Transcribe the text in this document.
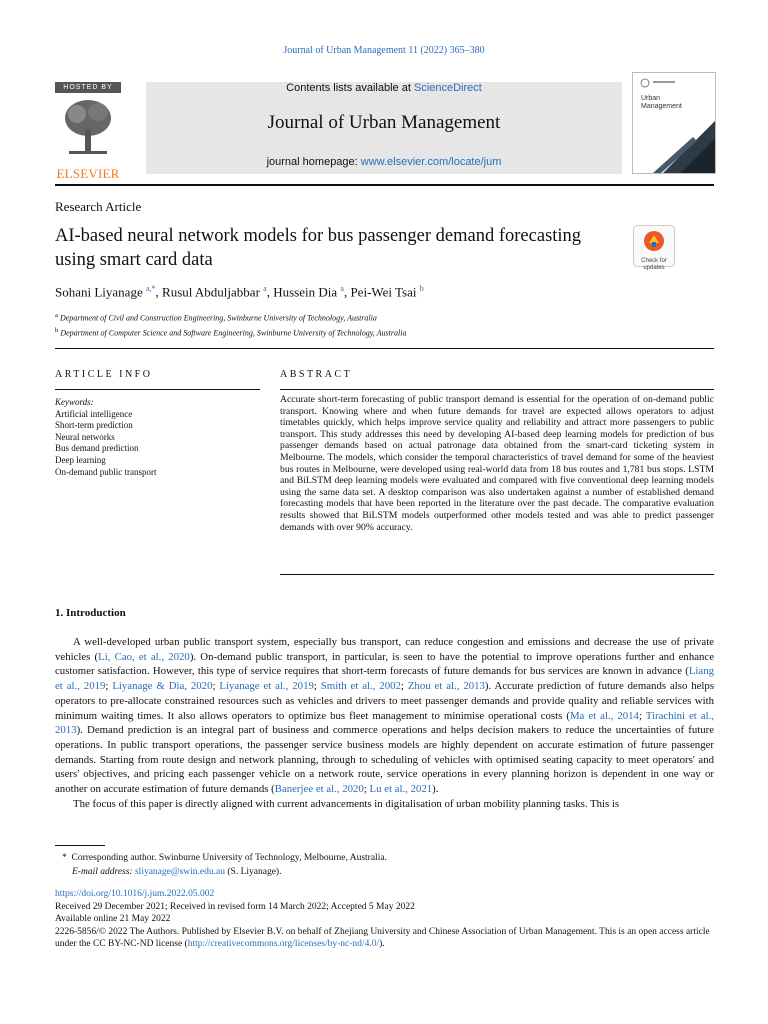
Journal of Urban Management 11 (2022) 365–380
HOSTED BY
ELSEVIER
Contents lists available at ScienceDirect
Journal of Urban Management
journal homepage: www.elsevier.com/locate/jum
Urban
Management
Research Article
AI-based neural network models for bus passenger demand forecasting using smart card data	Check for updates
Sohani Liyanage $^{a,*}$, Rusul Abduljabbar $^a$, Hussein Dia $^a$, Pei-Wei Tsai $^b$
$^a$ Department of Civil and Construction Engineering, Swinburne University of Technology, Australia
$^b$ Department of Computer Science and Software Engineering, Swinburne University of Technology, Australia
ARTICLE INFO	ABSTRACT
Keywords:
Artificial intelligence
Short-term prediction
Neural networks
Bus demand prediction
Deep learning
On-demand public transport
Accurate short-term forecasting of public transport demand is essential for the operation of on-demand public transport. Knowing where and when future demands for travel are expected allows operators to adjust timetables quickly, which helps improve service quality and reliability and attract more passengers to public transport. This study addresses this need by developing AI-based deep learning models for prediction of bus passenger demands based on actual patronage data obtained from the smart-card ticketing system in Melbourne. The models, which consider the temporal characteristics of travel demand for some of the heaviest bus routes in Melbourne, were developed using real-world data from 18 bus routes and 1,781 bus stops. LSTM and BiLSTM deep learning models were evaluated and compared with five conventional deep learning models using the same data set. A desktop comparison was also undertaken against a number of established demand forecasting models that have been reported in the literature over the past decade. The comparative evaluation results showed that BiLSTM models outperformed other models tested and was able to predict passenger demands with over 90% accuracy.
1. Introduction

A well-developed urban public transport system, especially bus transport, can reduce congestion and emissions and decrease the use of private vehicles (Li, Cao, et al., 2020). On-demand public transport, in particular, is seen to have the potential to improve operations further and enhance customer satisfaction. However, this type of service requires that short-term forecasts of future demands for bus services are known in advance (Liang et al., 2019; Liyanage & Dia, 2020; Liyanage et al., 2019; Smith et al., 2002; Zhou et al., 2013). Accurate prediction of future demands also helps operators to pre-allocate constrained resources such as vehicles and drivers to meet passenger demands and provide quality and reliable services with minimum waiting times. It also allows operators to optimize bus fleet management to minimise operational costs (Ma et al., 2014; Tirachini et al., 2013). Demand prediction is an integral part of business and commerce operations and helps decision makers to reduce the uncertainties of future operations. In public transport operations, the passenger service business models are highly dependent on accurate estimation of future passenger demands. Starting from route design and network planning, through to scheduling of vehicles with optimised seating capacity to meet operators' and users' objectives, and pricing each passenger vehicle on a network route, service operations in every planning horizon is dependent in one way or another on accurate estimation of future demands (Banerjee et al., 2020; Lu et al., 2021).

The focus of this paper is directly aligned with current advancements in digitalisation of urban mobility planning tasks. This is

*  Corresponding author. Swinburne University of Technology, Melbourne, Australia.
E-mail address: sliyanage@swin.edu.au (S. Liyanage).
https://doi.org/10.1016/j.jum.2022.05.002
Received 29 December 2021; Received in revised form 14 March 2022; Accepted 5 May 2022
Available online 21 May 2022
2226-5856/© 2022 The Authors. Published by Elsevier B.V. on behalf of Zhejiang University and Chinese Association of Urban Management. This is an open access article under the CC BY-NC-ND license (http://creativecommons.org/licenses/by-nc-nd/4.0/).
